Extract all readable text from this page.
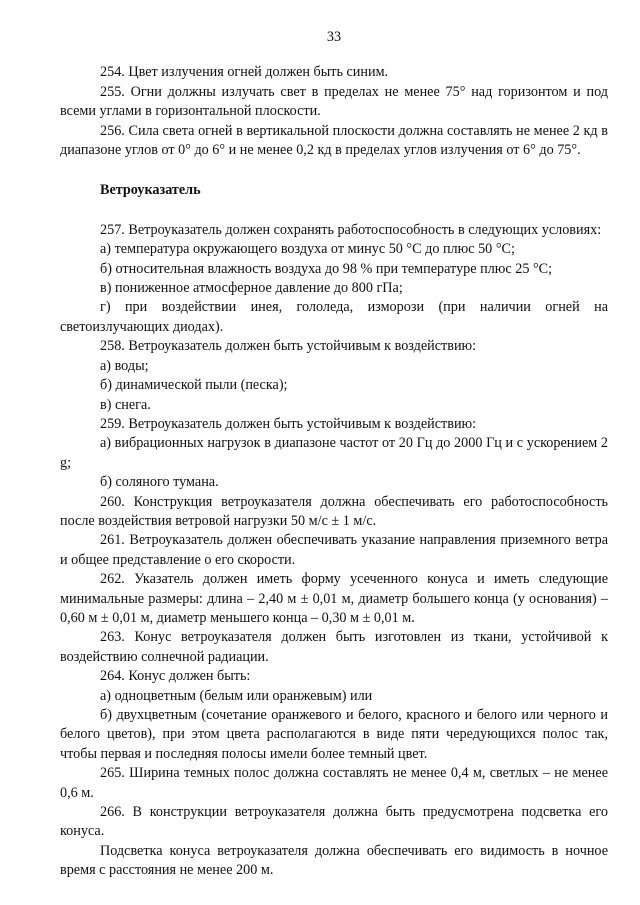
33

254. Цвет излучения огней должен быть синим.

255. Огни должны излучать свет в пределах не менее 75° над горизонтом и под всеми углами в горизонтальной плоскости.

256. Сила света огней в вертикальной плоскости должна составлять не менее 2 кд в диапазоне углов от 0° до 6° и не менее 0,2 кд в пределах углов излучения от 6° до 75°.

Ветроуказатель

257. Ветроуказатель должен сохранять работоспособность в следующих условиях:

а) температура окружающего воздуха от минус 50 °С до плюс 50 °С;

б) относительная влажность воздуха до 98 % при температуре плюс 25 °С;

в) пониженное атмосферное давление до 800 гПа;

г) при воздействии инея, гололеда, изморози (при наличии огней на светоизлучающих диодах).

258. Ветроуказатель должен быть устойчивым к воздействию:

а) воды;

б) динамической пыли (песка);

в) снега.

259. Ветроуказатель должен быть устойчивым к воздействию:

а) вибрационных нагрузок в диапазоне частот от 20 Гц до 2000 Гц и с ускорением 2 g;

б) соляного тумана.

260. Конструкция ветроуказателя должна обеспечивать его работоспособность после воздействия ветровой нагрузки 50 м/с ± 1 м/с.

261. Ветроуказатель должен обеспечивать указание направления приземного ветра и общее представление о его скорости.

262. Указатель должен иметь форму усеченного конуса и иметь следующие минимальные размеры: длина – 2,40 м ± 0,01 м, диаметр большего конца (у основания) – 0,60 м ± 0,01 м, диаметр меньшего конца – 0,30 м ± 0,01 м.

263. Конус ветроуказателя должен быть изготовлен из ткани, устойчивой к воздействию солнечной радиации.

264. Конус должен быть:

а) одноцветным (белым или оранжевым) или

б) двухцветным (сочетание оранжевого и белого, красного и белого или черного и белого цветов), при этом цвета располагаются в виде пяти чередующихся полос так, чтобы первая и последняя полосы имели более темный цвет.

265. Ширина темных полос должна составлять не менее 0,4 м, светлых – не менее 0,6 м.

266. В конструкции ветроуказателя должна быть предусмотрена подсветка его конуса.

Подсветка конуса ветроуказателя должна обеспечивать его видимость в ночное время с расстояния не менее 200 м.
